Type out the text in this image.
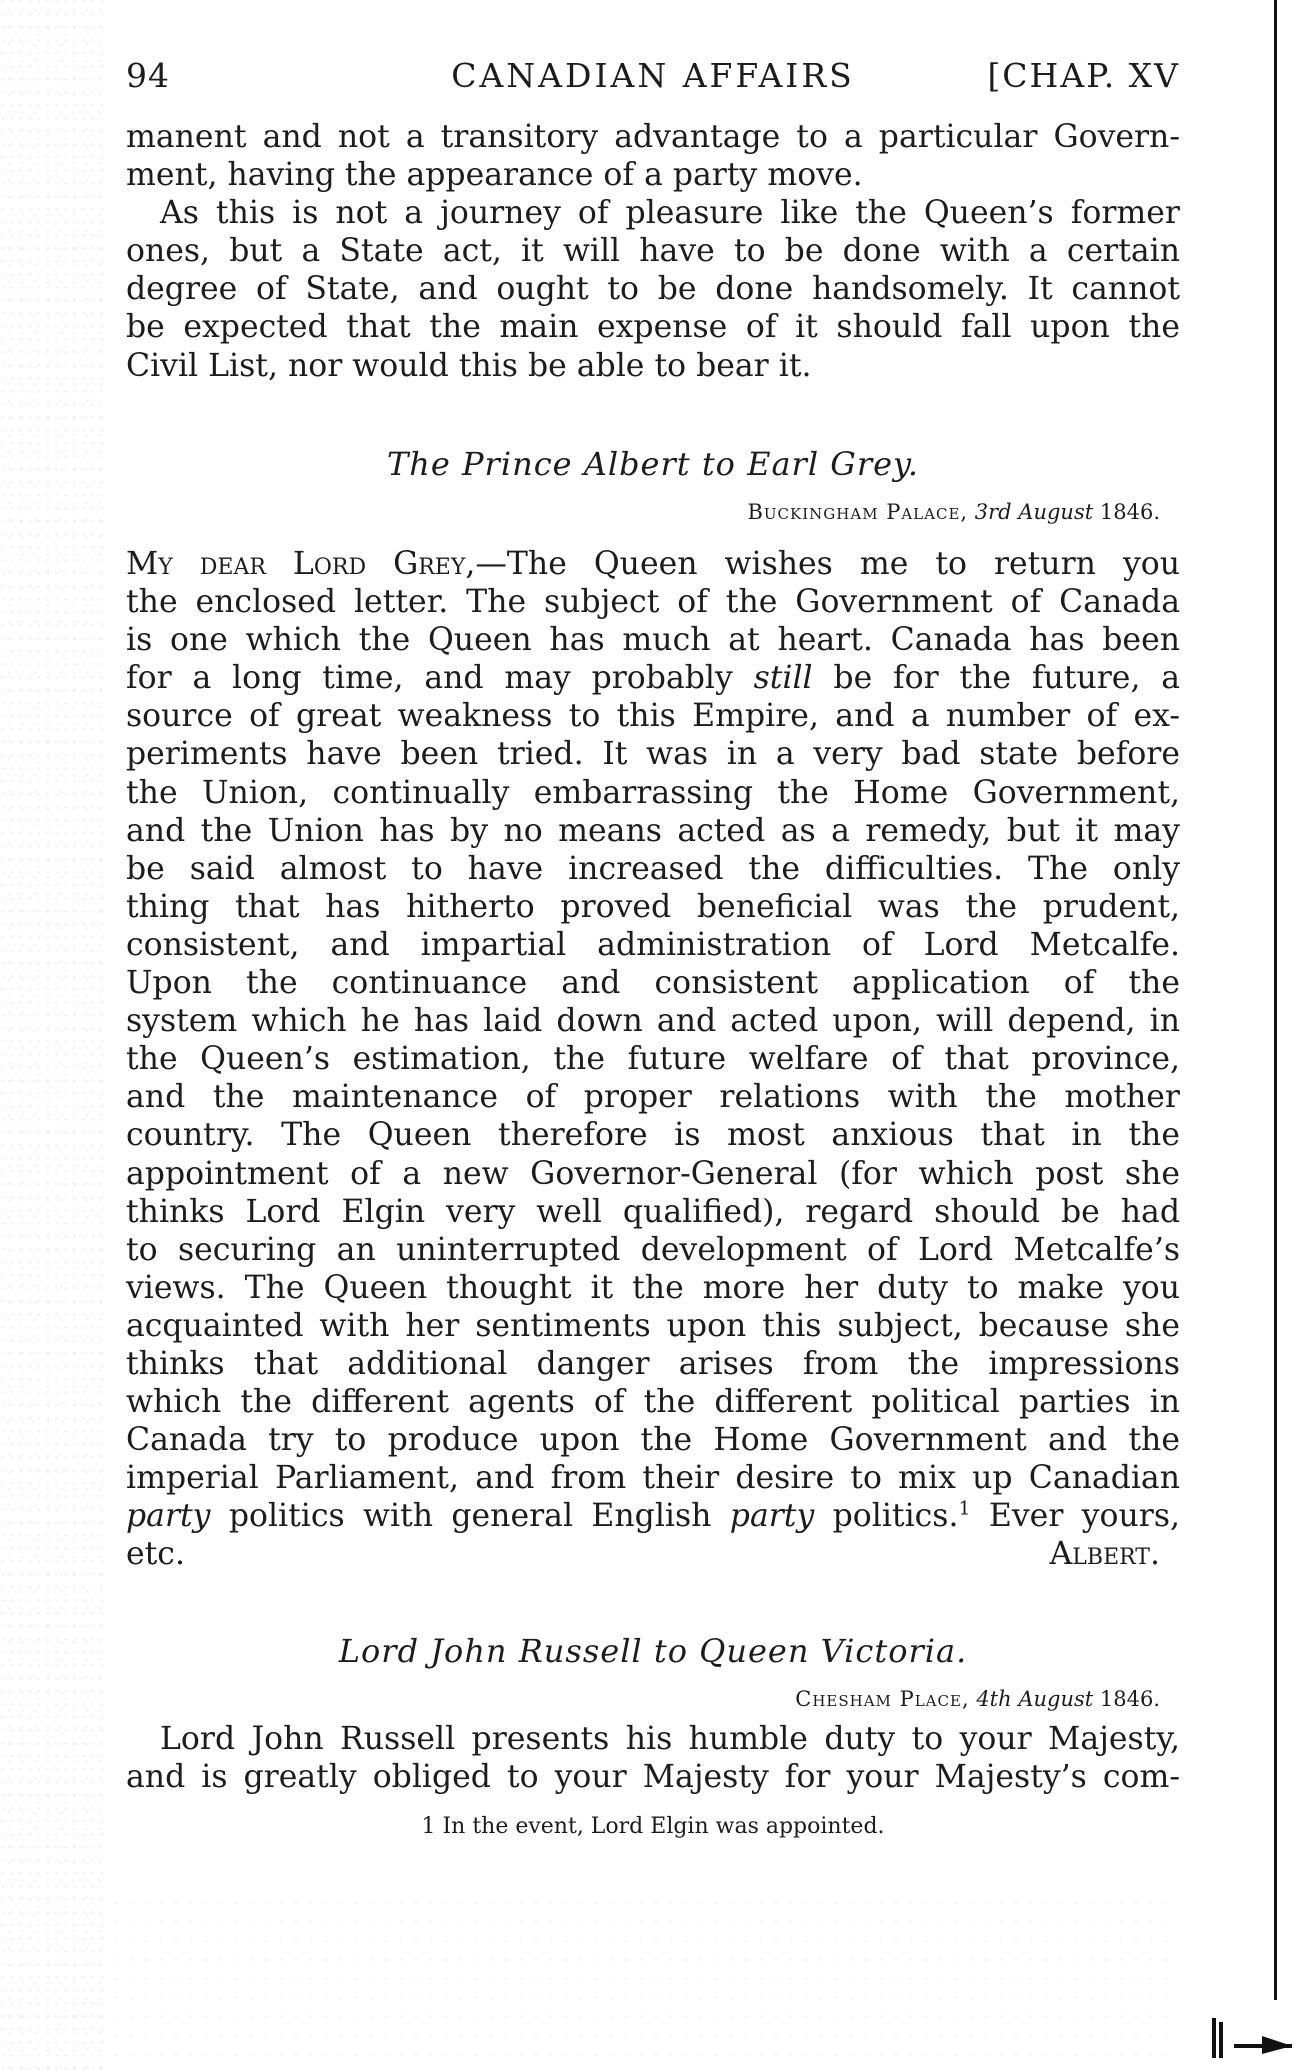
94	CANADIAN AFFAIRS	[CHAP. XV
manent and not a transitory advantage to a particular Govern-
ment, having the appearance of a party move.
As this is not a journey of pleasure like the Queen’s former
ones, but a State act, it will have to be done with a certain
degree of State, and ought to be done handsomely. It cannot
be expected that the main expense of it should fall upon the
Civil List, nor would this be able to bear it.
The Prince Albert to Earl Grey.
Buckingham Palace, 3rd August 1846.
My dear Lord Grey,—The Queen wishes me to return you
the enclosed letter. The subject of the Government of Canada
is one which the Queen has much at heart. Canada has been
for a long time, and may probably still be for the future, a
source of great weakness to this Empire, and a number of ex-
periments have been tried. It was in a very bad state before
the Union, continually embarrassing the Home Government,
and the Union has by no means acted as a remedy, but it may
be said almost to have increased the difficulties. The only
thing that has hitherto proved beneficial was the prudent,
consistent, and impartial administration of Lord Metcalfe.
Upon the continuance and consistent application of the
system which he has laid down and acted upon, will depend, in
the Queen’s estimation, the future welfare of that province,
and the maintenance of proper relations with the mother
country. The Queen therefore is most anxious that in the
appointment of a new Governor-General (for which post she
thinks Lord Elgin very well qualified), regard should be had
to securing an uninterrupted development of Lord Metcalfe’s
views. The Queen thought it the more her duty to make you
acquainted with her sentiments upon this subject, because she
thinks that additional danger arises from the impressions
which the different agents of the different political parties in
Canada try to produce upon the Home Government and the
imperial Parliament, and from their desire to mix up Canadian
party politics with general English party politics.$^1$ Ever yours,
etc.	Albert.
Lord John Russell to Queen Victoria.
Chesham Place, 4th August 1846.
Lord John Russell presents his humble duty to your Majesty,
and is greatly obliged to your Majesty for your Majesty’s com-
1 In the event, Lord Elgin was appointed.
